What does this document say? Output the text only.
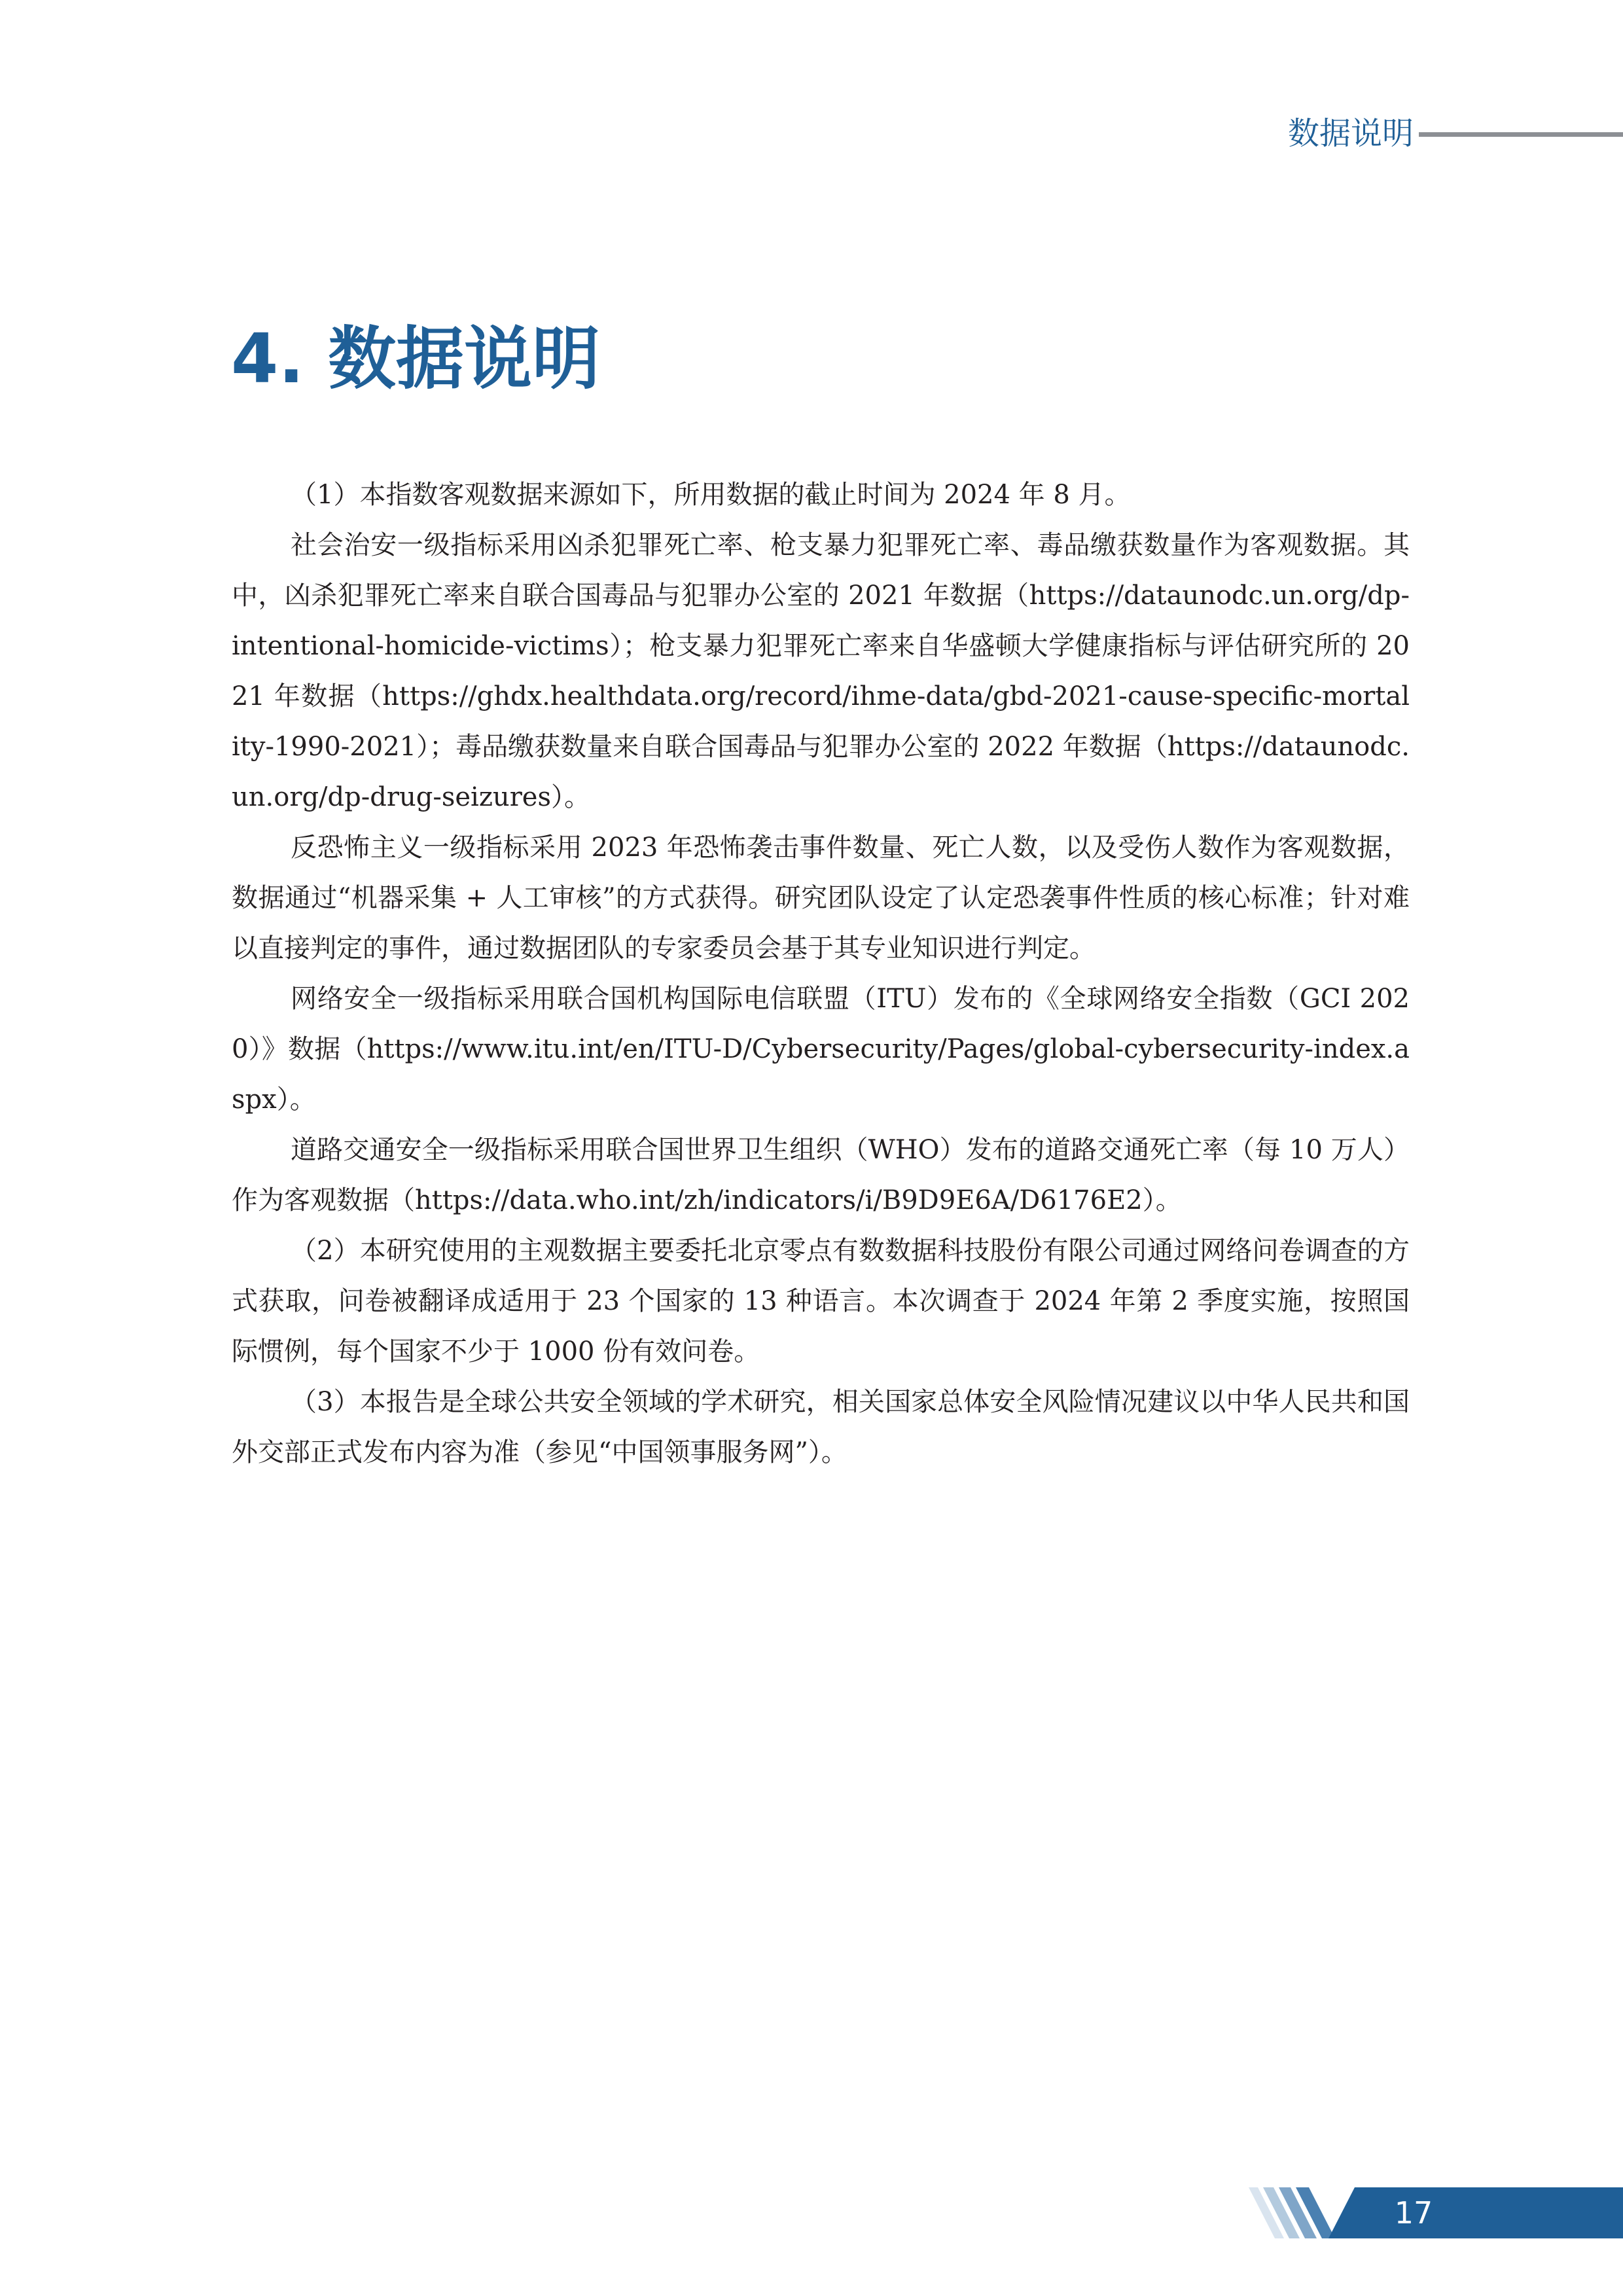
数据说明
4. 数据说明

（1）本指数客观数据来源如下，所用数据的截止时间为 2024 年 8 月。

社会治安一级指标采用凶杀犯罪死亡率、枪支暴力犯罪死亡率、毒品缴获数量作为客观数据。其中，凶杀犯罪死亡率来自联合国毒品与犯罪办公室的 2021 年数据（https://dataunodc.un.org/dp-intentional-homicide-victims）；枪支暴力犯罪死亡率来自华盛顿大学健康指标与评估研究所的 2021 年数据（https://ghdx.healthdata.org/record/ihme-data/gbd-2021-cause-specific-mortality-1990-2021）；毒品缴获数量来自联合国毒品与犯罪办公室的 2022 年数据（https://dataunodc.un.org/dp-drug-seizures）。

反恐怖主义一级指标采用 2023 年恐怖袭击事件数量、死亡人数，以及受伤人数作为客观数据，数据通过“机器采集 + 人工审核”的方式获得。研究团队设定了认定恐袭事件性质的核心标准；针对难以直接判定的事件，通过数据团队的专家委员会基于其专业知识进行判定。

网络安全一级指标采用联合国机构国际电信联盟（ITU）发布的《全球网络安全指数（GCI 2020）》数据（https://www.itu.int/en/ITU-D/Cybersecurity/Pages/global-cybersecurity-index.aspx）。

道路交通安全一级指标采用联合国世界卫生组织（WHO）发布的道路交通死亡率（每 10 万人）作为客观数据（https://data.who.int/zh/indicators/i/B9D9E6A/D6176E2）。

（2）本研究使用的主观数据主要委托北京零点有数数据科技股份有限公司通过网络问卷调查的方式获取，问卷被翻译成适用于 23 个国家的 13 种语言。本次调查于 2024 年第 2 季度实施，按照国际惯例，每个国家不少于 1000 份有效问卷。

（3）本报告是全球公共安全领域的学术研究，相关国家总体安全风险情况建议以中华人民共和国外交部正式发布内容为准（参见“中国领事服务网”）。

17
